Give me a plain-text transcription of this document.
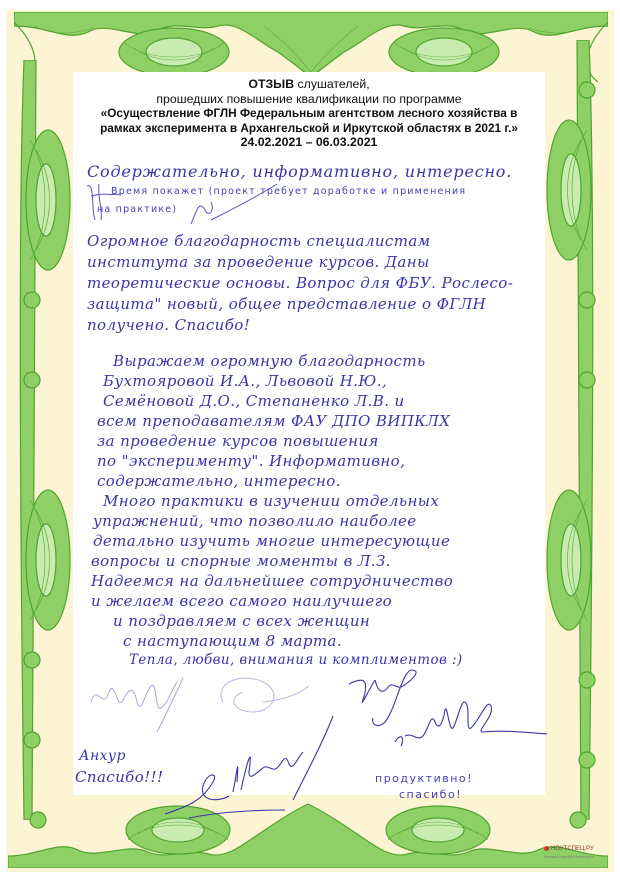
НОУТСПЕЦ.РУ
бланки строгой отчётности
ОТЗЫВ слушателей,
прошедших повышение квалификации по программе
«Осуществление ФГЛН Федеральным агентством лесного хозяйства в
рамках эксперимента в Архангельской и Иркутской областях в 2021 г.»
24.02.2021 – 06.03.2021
Содержательно, информативно, интересно.
Время покажет (проект требует доработке и применения
на практике)
Огромное благодарность специалистам
института за проведение курсов. Даны
теоретические основы. Вопрос для ФБУ. Рослесо-
защита" новый, общее представление о ФГЛН
получено. Спасибо!
Выражаем огромную благодарность
Бухтояровой И.А., Львовой Н.Ю.,
Семёновой Д.О., Степаненко Л.В. и
всем преподавателям ФАУ ДПО ВИПКЛХ
за проведение курсов повышения
по "эксперименту". Информативно,
содержательно, интересно.
Много практики в изучении отдельных
упражнений, что позволило наиболее
детально изучить многие интересующие
вопросы и спорные моменты в Л.З.
Надеемся на дальнейшее сотрудничество
и желаем всего самого наилучшего
и поздравляем с всех женщин
с наступающим 8 марта.
Тепла, любви, внимания и комплиментов :)
Анхур
Спасибо!!!	продуктивно!
спасибо!
